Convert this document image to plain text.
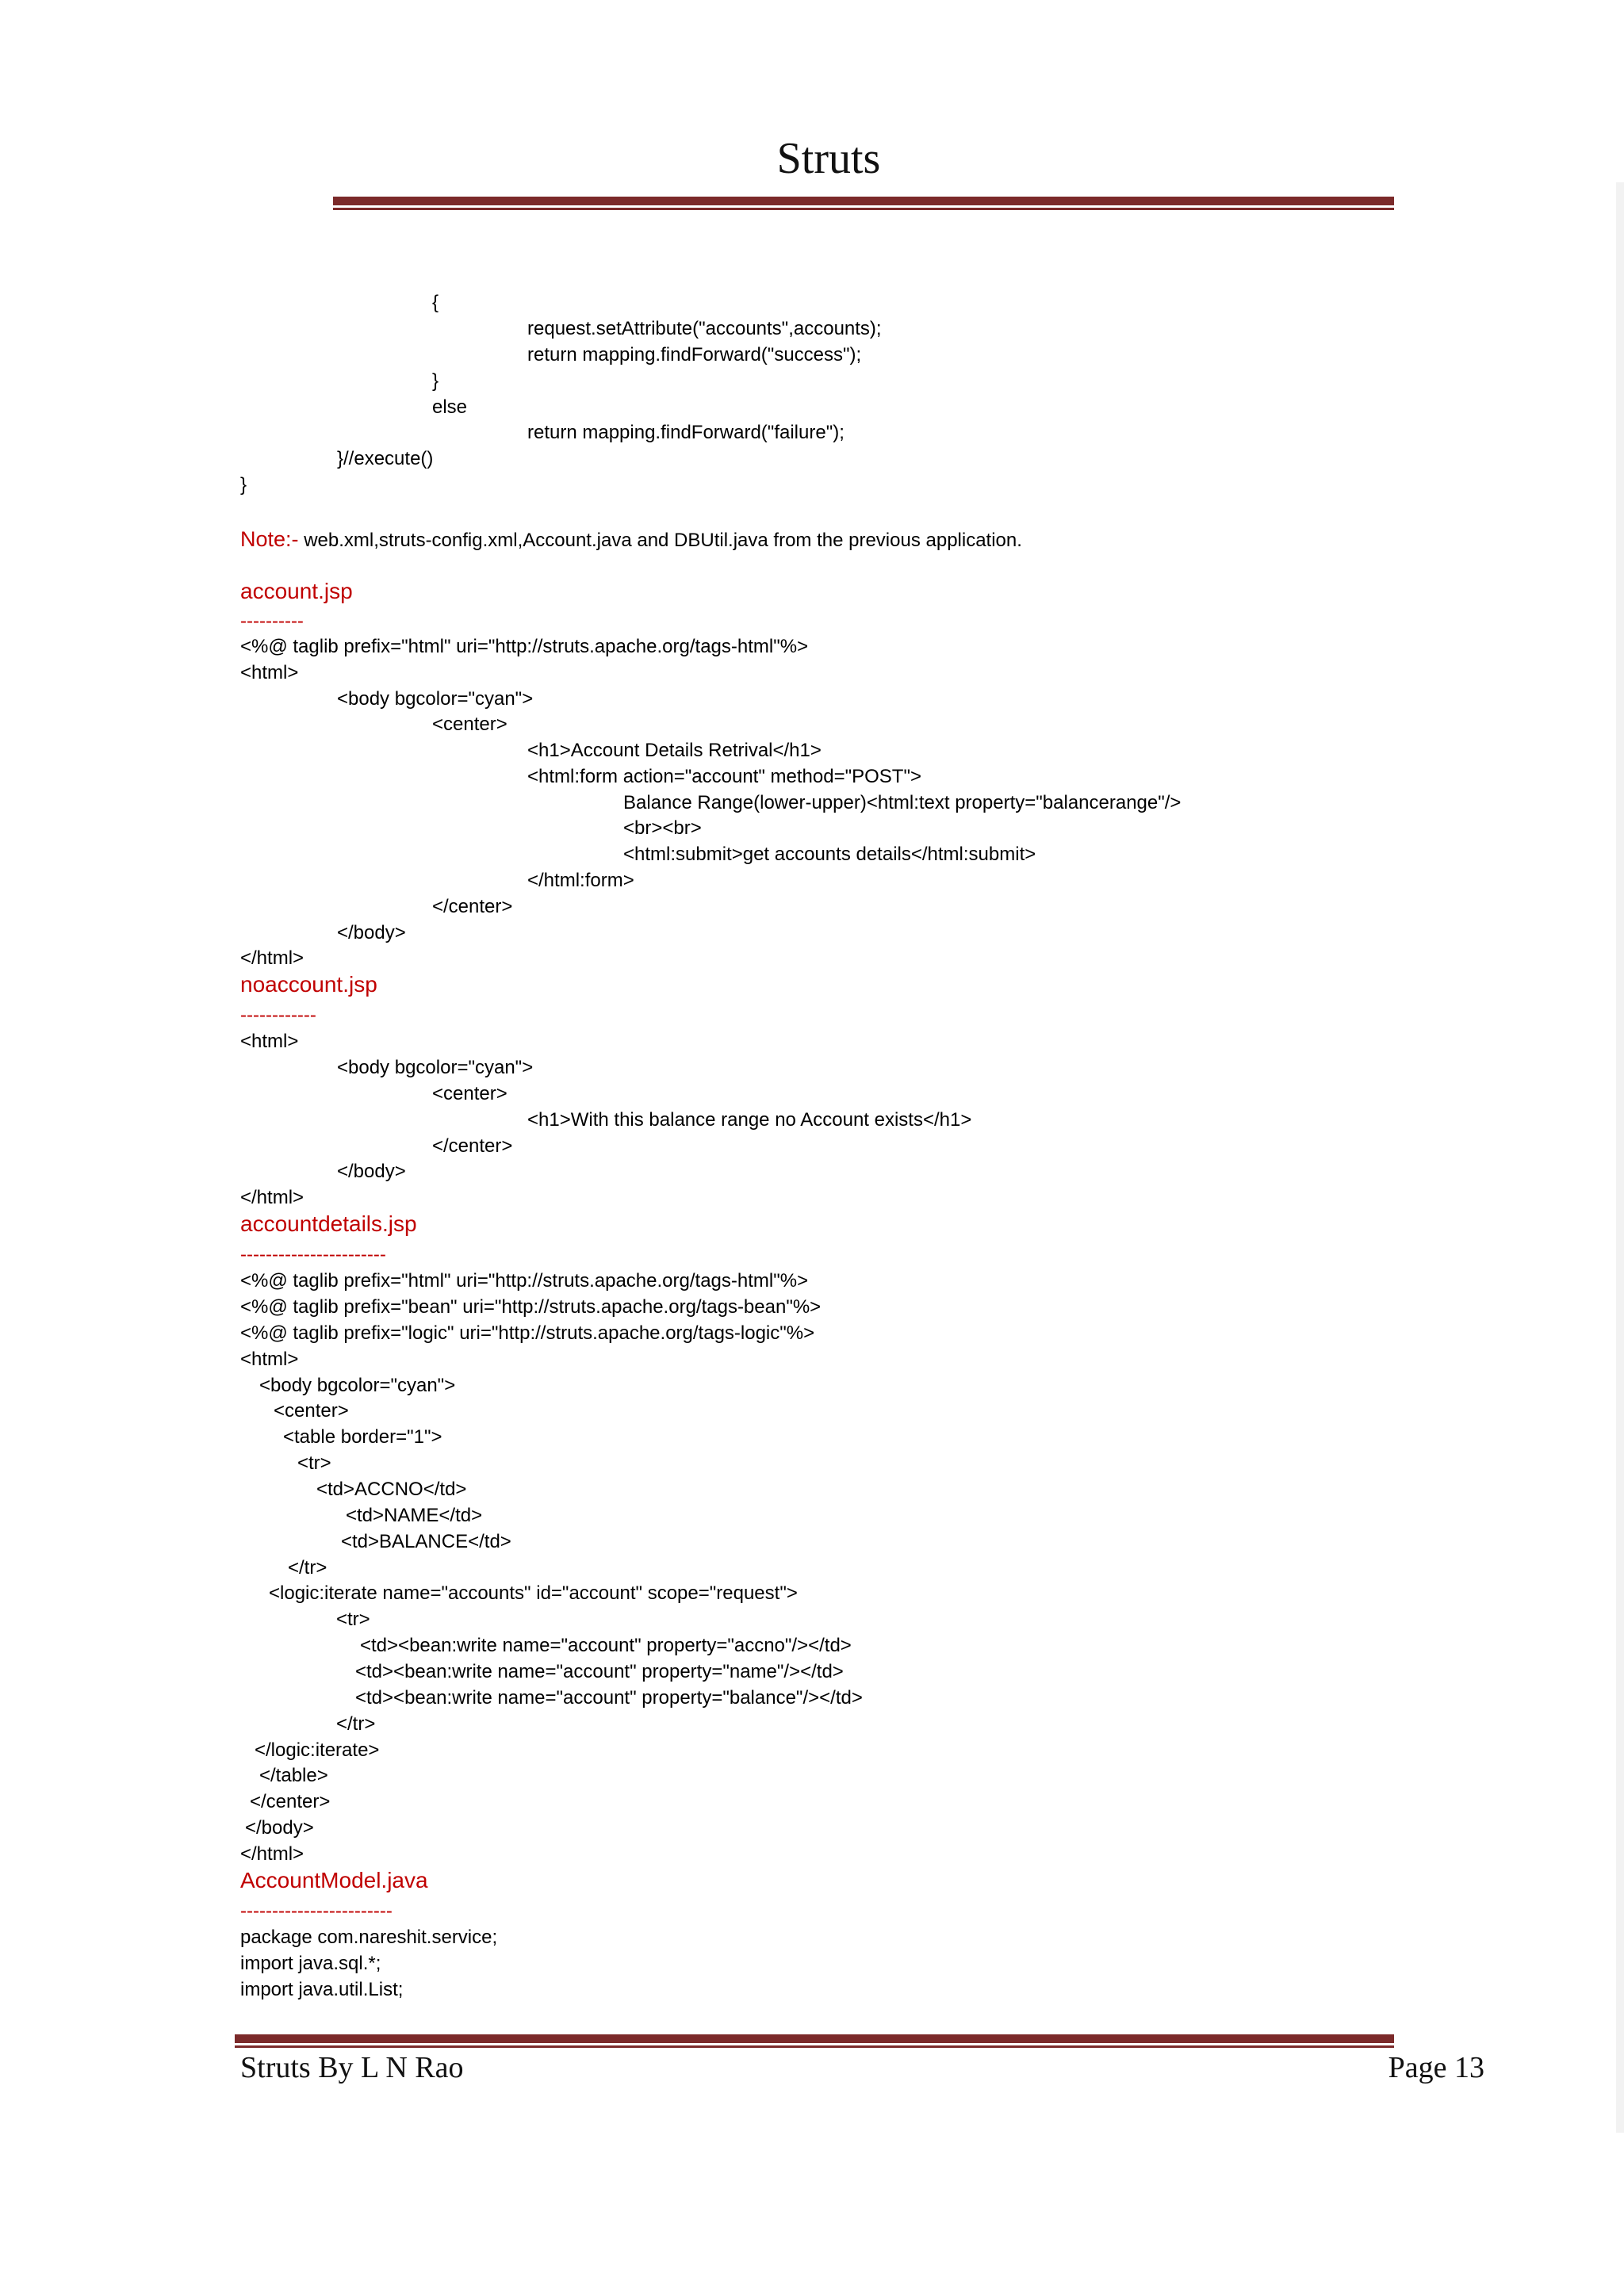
Struts
{
request.setAttribute("accounts",accounts);
return mapping.findForward("success");
}
else
return mapping.findForward("failure");
}//execute()
}
account.jsp
----------
<%@ taglib prefix="html" uri="http://struts.apache.org/tags-html"%>
<html>
<body bgcolor="cyan">
<center>
<h1>Account Details Retrival</h1>
<html:form action="account" method="POST">
Balance Range(lower-upper)<html:text property="balancerange"/>
<br><br>
<html:submit>get accounts details</html:submit>
</html:form>
</center>
</body>
</html>
noaccount.jsp
------------
<html>
<body bgcolor="cyan">
<center>
<h1>With this balance range no Account exists</h1>
</center>
</body>
</html>
accountdetails.jsp
-----------------------
<%@ taglib prefix="html" uri="http://struts.apache.org/tags-html"%>
<%@ taglib prefix="bean" uri="http://struts.apache.org/tags-bean"%>
<%@ taglib prefix="logic" uri="http://struts.apache.org/tags-logic"%>
<html>
<body bgcolor="cyan">
<center>
<table border="1">
<tr>
<td>ACCNO</td>
<td>NAME</td>
<td>BALANCE</td>
</tr>
<logic:iterate name="accounts" id="account" scope="request">
<tr>
<td><bean:write name="account" property="accno"/></td>
<td><bean:write name="account" property="name"/></td>
<td><bean:write name="account" property="balance"/></td>
</tr>
</logic:iterate>
</table>
</center>
</body>
</html>
AccountModel.java
------------------------
package com.nareshit.service;
import java.sql.*;
import java.util.List;
Note:- web.xml,struts-config.xml,Account.java and DBUtil.java from the previous application.
Struts By L N Rao	Page 13
